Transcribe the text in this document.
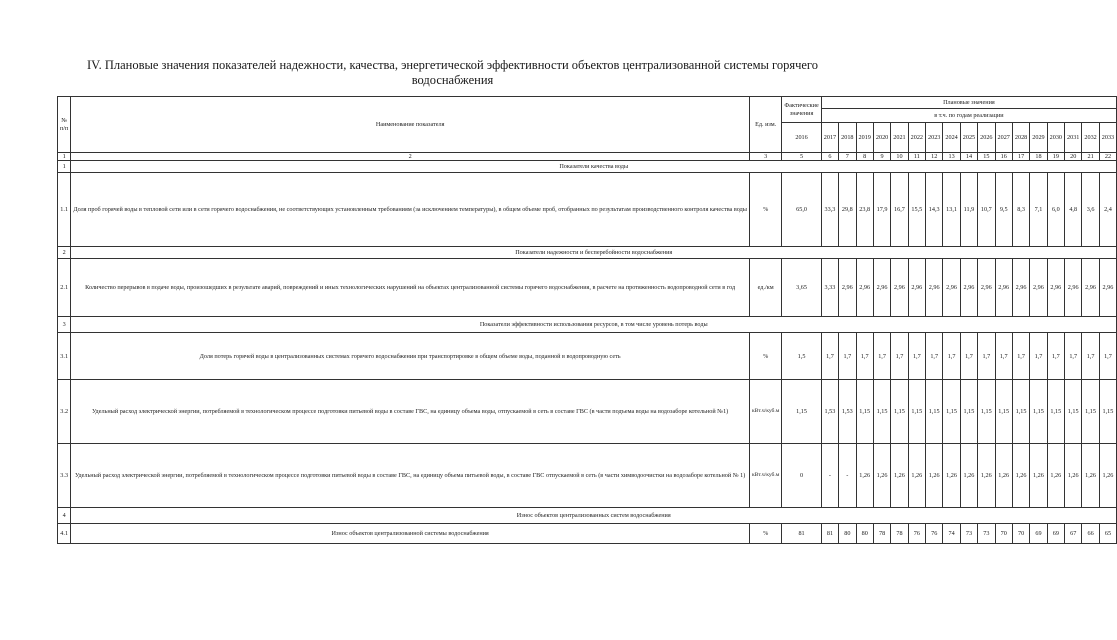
IV. Плановые значения показателей надежности, качества, энергетической эффективности объектов централизованной системы горячего водоснабжения
№
п/п	Наименование показателя	Ед. изм.	Фактические значения	Плановые значения																
				в т.ч. по годам реализации																
			2016	2017	2018	2019	2020	2021	2022	2023	2024	2025	2026	2027	2028	2029	2030	2031	2032	2033
1	2	3	5	6	7	8	9	10	11	12	13	14	15	16	17	18	19	20	21	22
1	Показатели качества воды																			
1.1	Доля проб горячей воды в тепловой сети или в сети горячего водоснабжения, не соответствующих установленным требованиям (за исключением температуры), в общем объеме проб, отобранных по результатам производственного контроля качества воды	%	65,0	33,3	29,8	23,8	17,9	16,7	15,5	14,3	13,1	11,9	10,7	9,5	8,3	7,1	6,0	4,8	3,6	2,4
2	Показатели надежности и бесперебойности водоснабжения																			
2.1	Количество перерывов в подаче воды, произошедших в результате аварий, повреждений и иных технологических нарушений на объектах централизованной системы горячего водоснабжения, в расчете на протяженность водопроводной сети в год	ед./км	3,65	3,33	2,96	2,96	2,96	2,96	2,96	2,96	2,96	2,96	2,96	2,96	2,96	2,96	2,96	2,96	2,96	2,96
3	Показатели эффективности использования ресурсов, в том числе уровень потерь воды																			
3.1	Доля потерь горячей воды в централизованных системах горячего водоснабжения при транспортировке в общем объеме воды, поданной в водопроводную сеть	%	1,5	1,7	1,7	1,7	1,7	1,7	1,7	1,7	1,7	1,7	1,7	1,7	1,7	1,7	1,7	1,7	1,7	1,7
3.2	Удельный расход электрической энергии, потребляемой в технологическом процессе подготовки питьевой воды в составе ГВС, на единицу объема воды, отпускаемой в сеть в составе ГВС (в части подъема воды на водозаборе котельной №1)	кВт.ч/куб.м	1,15	1,53	1,53	1,15	1,15	1,15	1,15	1,15	1,15	1,15	1,15	1,15	1,15	1,15	1,15	1,15	1,15	1,15
3.3	Удельный расход электрической энергии, потребляемой в технологическом процессе подготовки питьевой воды в составе ГВС, на единицу объема питьевой воды, в составе ГВС отпускаемой в сеть (в части химводоочистки на водозаборе котельной № 1)	кВт.ч/куб.м	0	-	-	1,26	1,26	1,26	1,26	1,26	1,26	1,26	1,26	1,26	1,26	1,26	1,26	1,26	1,26	1,26
4	Износ объектов централизованных систем водоснабжения																			
4.1	Износ объектов централизованной системы водоснабжения	%	81	81	80	80	78	78	76	76	74	73	73	70	70	69	69	67	66	65
